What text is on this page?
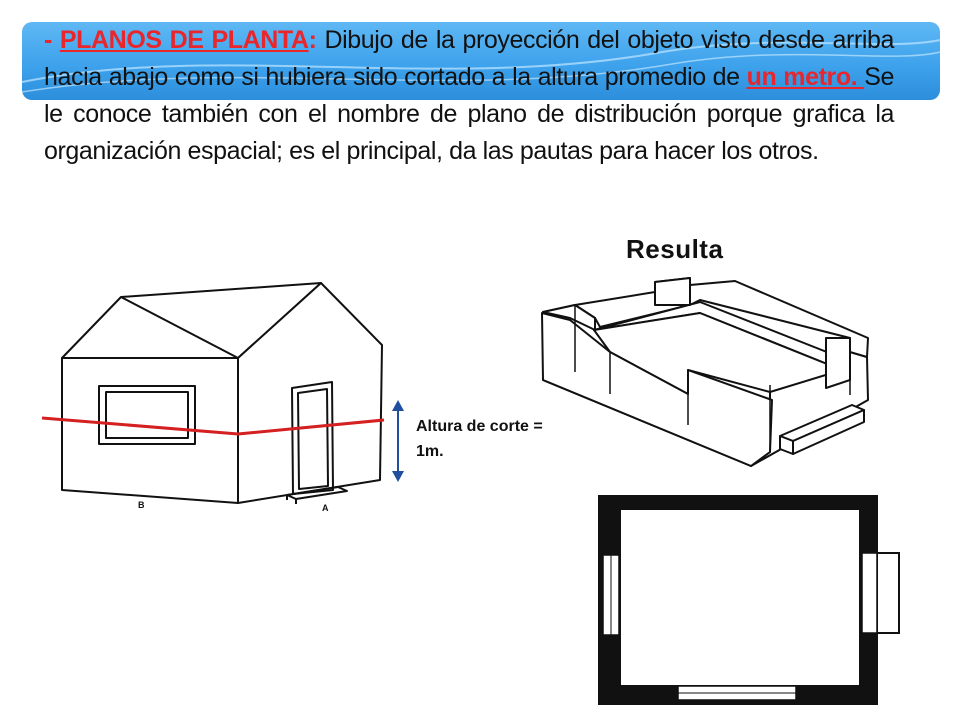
- PLANOS DE PLANTA: Dibujo de la proyección del objeto visto desde arriba hacia abajo como si hubiera sido cortado a la altura promedio de un metro. Se le conoce también con el nombre de plano de distribución porque grafica la organización espacial; es el principal, da las pautas para hacer los otros.

Resulta
B	A
Altura de corte =
1m.
